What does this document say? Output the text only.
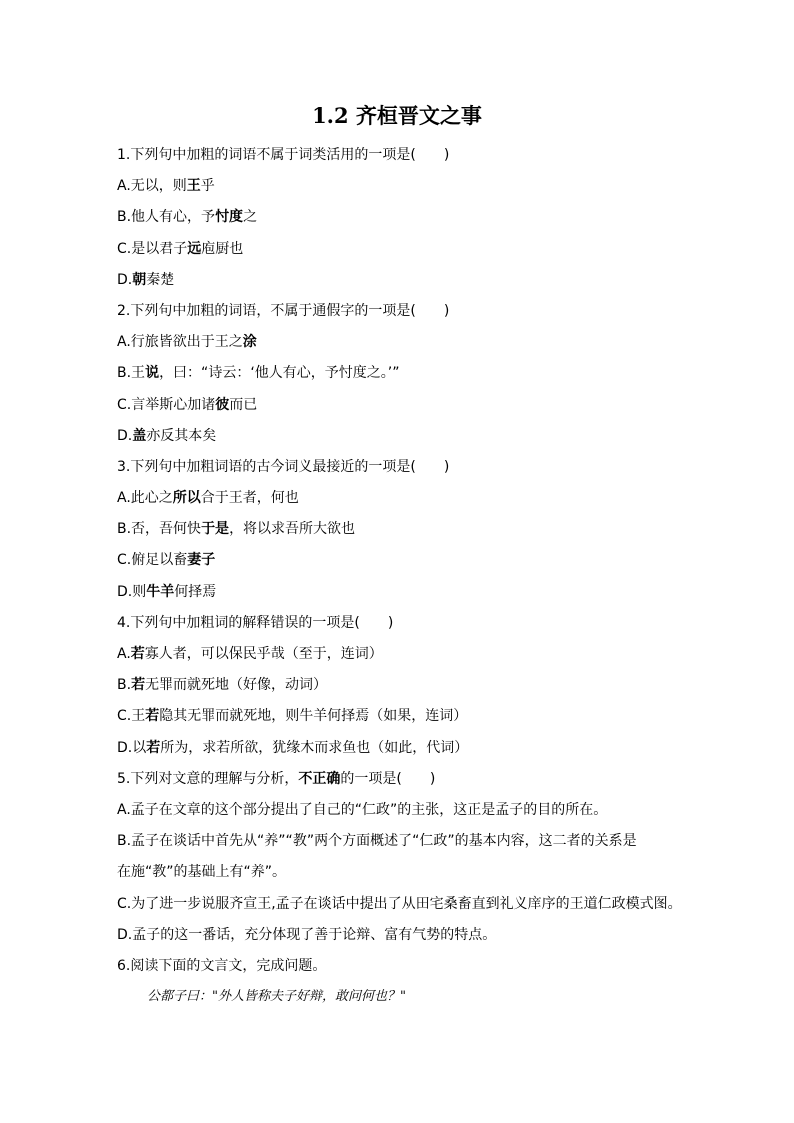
1.2 齐桓晋文之事
1.下列句中加粗的词语不属于词类活用的一项是(　　)
A.无以，则王乎
B.他人有心，予忖度之
C.是以君子远庖厨也
D.朝秦楚
2.下列句中加粗的词语，不属于通假字的一项是(　　)
A.行旅皆欲出于王之涂
B.王说，曰：“诗云：‘他人有心，予忖度之。’”
C.言举斯心加诸彼而已
D.盖亦反其本矣
3.下列句中加粗词语的古今词义最接近的一项是(　　)
A.此心之所以合于王者，何也
B.否，吾何快于是，将以求吾所大欲也
C.俯足以畜妻子
D.则牛羊何择焉
4.下列句中加粗词的解释错误的一项是(　　)
A.若寡人者，可以保民乎哉（至于，连词）
B.若无罪而就死地（好像，动词）
C.王若隐其无罪而就死地，则牛羊何择焉（如果，连词）
D.以若所为，求若所欲，犹缘木而求鱼也（如此，代词）
5.下列对文意的理解与分析，不正确的一项是(　　)
A.孟子在文章的这个部分提出了自己的“仁政”的主张，这正是孟子的目的所在。
B.孟子在谈话中首先从“养”“教”两个方面概述了“仁政”的基本内容，这二者的关系是
在施“教”的基础上有“养”。
C.为了进一步说服齐宣王,孟子在谈话中提出了从田宅桑畜直到礼义庠序的王道仁政模式图。
D.孟子的这一番话，充分体现了善于论辩、富有气势的特点。
6.阅读下面的文言文，完成问题。
公都子曰："外人皆称夫子好辩，敢问何也？"
